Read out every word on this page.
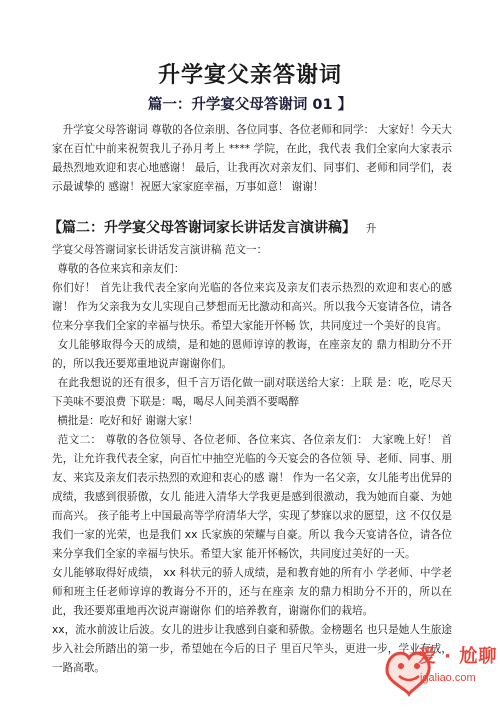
升学宴父亲答谢词
篇一：升学宴父母答谢词 01 】

 升学宴父母答谢词 尊敬的各位亲朋、各位同事、各位老师和同学： 大家好！今天大家在百忙中前来祝贺我儿子孙月考上 **** 学院，在此，我代表 我们全家向大家表示最热烈地欢迎和衷心地感谢！ 最后，让我再次对亲友们、同事们、老师和同学们，表示最诚挚的 感谢！祝愿大家家庭幸福，万事如意！ 谢谢！

【篇二：升学宴父母答谢词家长讲话发言演讲稿】 升
学宴父母答谢词家长讲话发言演讲稿 范文一：
 尊敬的各位来宾和亲友们：
你们好！ 首先让我代表全家向光临的各位来宾及亲友们表示热烈的欢迎和衷心的感谢！ 作为父亲我为女儿实现自己梦想而无比激动和高兴。所以我今天宴请各位，请各位来分享我们全家的幸福与快乐。希望大家能开怀畅 饮，共同度过一个美好的良宵。
 女儿能够取得今天的成绩，是和她的恩师谆谆的教诲，在座亲友的 鼎力相助分不开的，所以我还要郑重地说声谢谢你们。
 在此我想说的还有很多，但千言万语化做一副对联送给大家：上联 是：吃，吃尽天下美味不要浪费 下联是：喝，喝尽人间美酒不要喝醉
 横批是：吃好和好 谢谢大家！
 范文二： 尊敬的各位领导、各位老师、各位来宾、各位亲友们： 大家晚上好！ 首先，让允许我代表全家，向百忙中抽空光临的今天宴会的各位领 导、老师、同事、朋友、来宾及亲友们表示热烈的欢迎和衷心的感 谢！ 作为一名父亲，女儿能考出优异的成绩，我感到很骄傲，女儿 能进入清华大学我更是感到很激动，我为她而自豪、为她而高兴。 孩子能考上中国最高等学府清华大学，实现了梦寐以求的愿望，这 不仅仅是我们一家的光荣，也是我们 xx 氏家族的荣耀与自豪。所以 我今天宴请各位，请各位来分享我们全家的幸福与快乐。希望大家 能开怀畅饮，共同度过美好的一天。
女儿能够取得好成绩， xx 科状元的骄人成绩，是和教育她的所有小 学老师、中学老师和班主任老师谆谆的教诲分不开的，还与在座亲 友的鼎力相助分不开的，所以在此，我还要郑重地再次说声谢谢你 们的培养教育，谢谢你们的栽培。
xx，流水前波让后波。女儿的进步让我感到自豪和骄傲。金榜题名 也只是她人生旅途步入社会所踏出的第一步，希望她在今后的日子 里百尺竿头，更进一步，学业有成，一路高歌。
爱 · 尬聊
igaliao.com
